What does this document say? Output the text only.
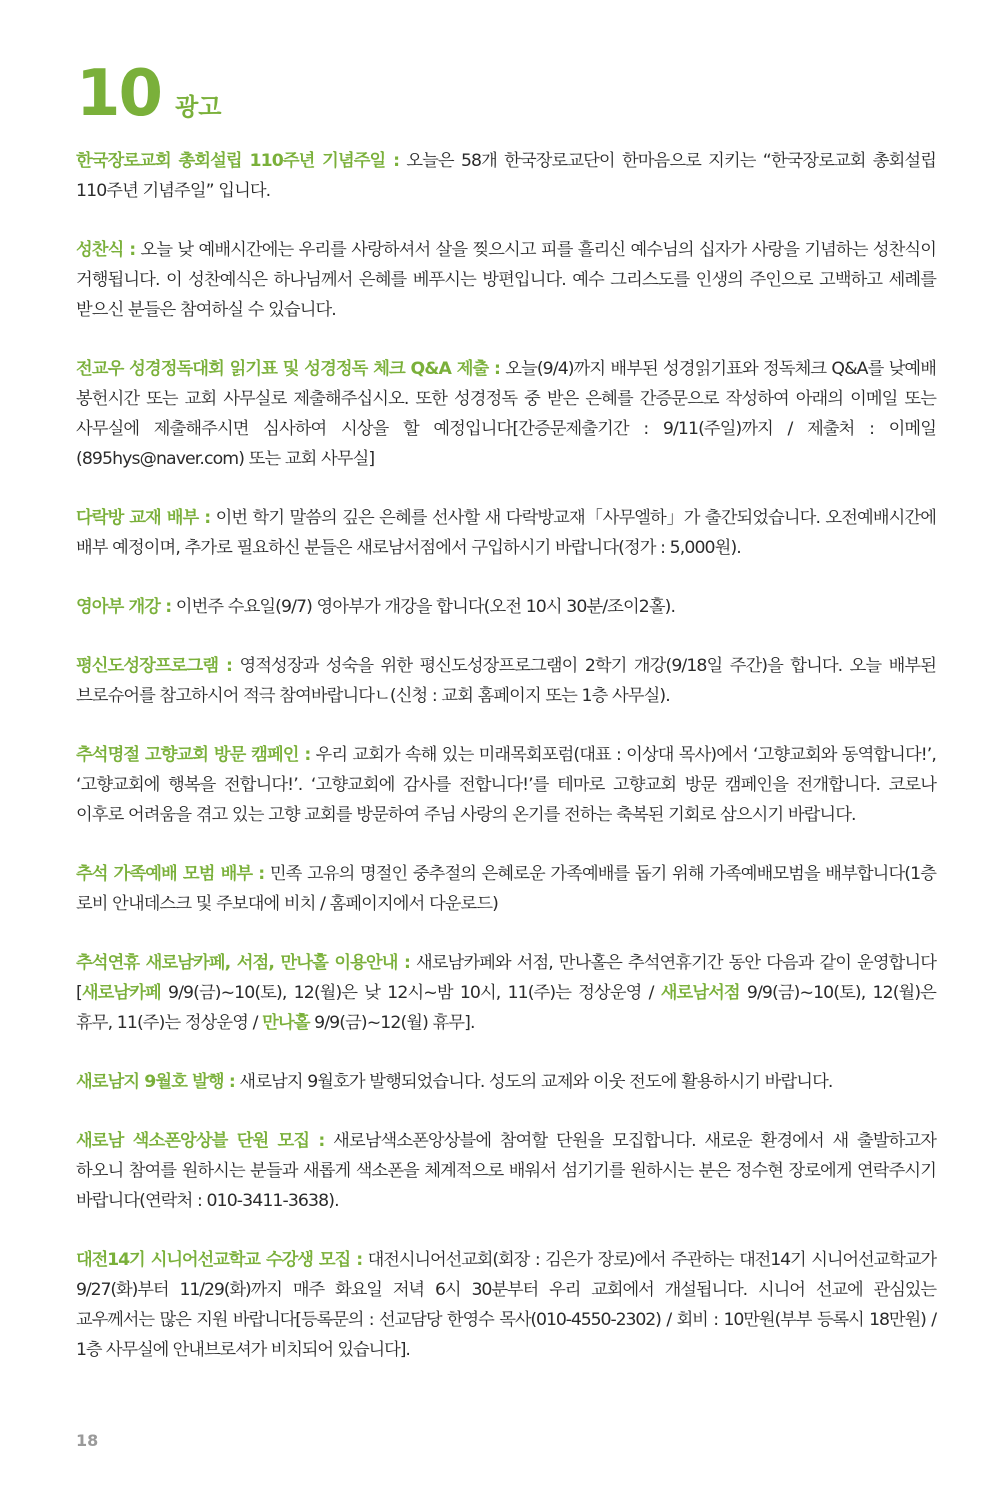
10 광고

한국장로교회 총회설립 110주년 기념주일 : 오늘은 58개 한국장로교단이 한마음으로 지키는 “한국장로교회 총회설립 110주년 기념주일” 입니다.

성찬식 : 오늘 낮 예배시간에는 우리를 사랑하셔서 살을 찢으시고 피를 흘리신 예수님의 십자가 사랑을 기념하는 성찬식이 거행됩니다. 이 성찬예식은 하나님께서 은혜를 베푸시는 방편입니다. 예수 그리스도를 인생의 주인으로 고백하고 세례를 받으신 분들은 참여하실 수 있습니다.

전교우 성경정독대회 읽기표 및 성경정독 체크 Q&A 제출 : 오늘(9/4)까지 배부된 성경읽기표와 정독체크 Q&A를 낮예배 봉헌시간 또는 교회 사무실로 제출해주십시오. 또한 성경정독 중 받은 은혜를 간증문으로 작성하여 아래의 이메일 또는 사무실에 제출해주시면 심사하여 시상을 할 예정입니다[간증문제출기간 : 9/11(주일)까지 / 제출처 : 이메일(895hys@naver.com) 또는 교회 사무실]

다락방 교재 배부 : 이번 학기 말씀의 깊은 은혜를 선사할 새 다락방교재「사무엘하」가 출간되었습니다. 오전예배시간에 배부 예정이며, 추가로 필요하신 분들은 새로남서점에서 구입하시기 바랍니다(정가 : 5,000원).

영아부 개강 : 이번주 수요일(9/7) 영아부가 개강을 합니다(오전 10시 30분/조이2홀).

평신도성장프로그램 : 영적성장과 성숙을 위한 평신도성장프로그램이 2학기 개강(9/18일 주간)을 합니다. 오늘 배부된 브로슈어를 참고하시어 적극 참여바랍니다ㄴ(신청 : 교회 홈페이지 또는 1층 사무실).

추석명절 고향교회 방문 캠페인 : 우리 교회가 속해 있는 미래목회포럼(대표 : 이상대 목사)에서 ‘고향교회와 동역합니다!’, ‘고향교회에 행복을 전합니다!’. ‘고향교회에 감사를 전합니다!’를 테마로 고향교회 방문 캠페인을 전개합니다. 코로나 이후로 어려움을 겪고 있는 고향 교회를 방문하여 주님 사랑의 온기를 전하는 축복된 기회로 삼으시기 바랍니다.

추석 가족예배 모범 배부 : 민족 고유의 명절인 중추절의 은혜로운 가족예배를 돕기 위해 가족예배모범을 배부합니다(1층 로비 안내데스크 및 주보대에 비치 / 홈페이지에서 다운로드)

추석연휴 새로남카페, 서점, 만나홀 이용안내 : 새로남카페와 서점, 만나홀은 추석연휴기간 동안 다음과 같이 운영합니다 [새로남카페 9/9(금)~10(토), 12(월)은 낮 12시~밤 10시, 11(주)는 정상운영 / 새로남서점 9/9(금)~10(토), 12(월)은 휴무, 11(주)는 정상운영 / 만나홀 9/9(금)~12(월) 휴무].

새로남지 9월호 발행 : 새로남지 9월호가 발행되었습니다. 성도의 교제와 이웃 전도에 활용하시기 바랍니다.

새로남 색소폰앙상블 단원 모집 : 새로남색소폰앙상블에 참여할 단원을 모집합니다. 새로운 환경에서 새 출발하고자 하오니 참여를 원하시는 분들과 새롭게 색소폰을 체계적으로 배워서 섬기기를 원하시는 분은 정수현 장로에게 연락주시기 바랍니다(연락처 : 010-3411-3638).

대전14기 시니어선교학교 수강생 모집 : 대전시니어선교회(회장 : 김은가 장로)에서 주관하는 대전14기 시니어선교학교가 9/27(화)부터 11/29(화)까지 매주 화요일 저녁 6시 30분부터 우리 교회에서 개설됩니다. 시니어 선교에 관심있는 교우께서는 많은 지원 바랍니다[등록문의 : 선교담당 한영수 목사(010-4550-2302) / 회비 : 10만원(부부 등록시 18만원) / 1층 사무실에 안내브로셔가 비치되어 있습니다].

18
